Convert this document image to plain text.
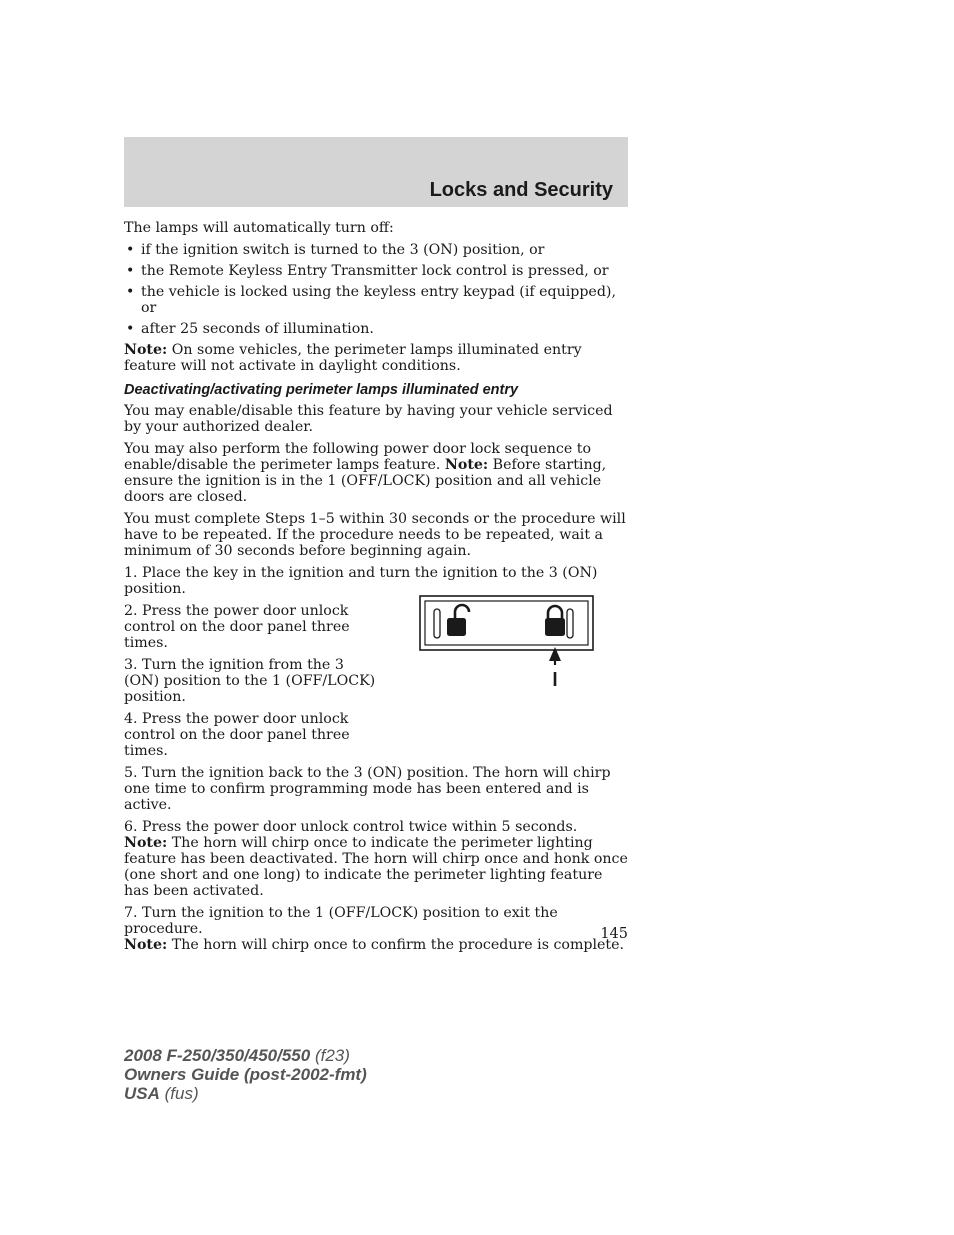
Locks and Security

The lamps will automatically turn off:

• if the ignition switch is turned to the 3 (ON) position, or
• the Remote Keyless Entry Transmitter lock control is pressed, or
• the vehicle is locked using the keyless entry keypad (if equipped), or
• after 25 seconds of illumination.

Note: On some vehicles, the perimeter lamps illuminated entry feature will not activate in daylight conditions.

Deactivating/activating perimeter lamps illuminated entry

You may enable/disable this feature by having your vehicle serviced by your authorized dealer.

You may also perform the following power door lock sequence to enable/disable the perimeter lamps feature. Note: Before starting, ensure the ignition is in the 1 (OFF/LOCK) position and all vehicle doors are closed.

You must complete Steps 1–5 within 30 seconds or the procedure will have to be repeated. If the procedure needs to be repeated, wait a minimum of 30 seconds before beginning again.

1. Place the key in the ignition and turn the ignition to the 3 (ON) position.

2. Press the power door unlock control on the door panel three times.

3. Turn the ignition from the 3 (ON) position to the 1 (OFF/LOCK) position.

4. Press the power door unlock control on the door panel three times.

5. Turn the ignition back to the 3 (ON) position. The horn will chirp one time to confirm programming mode has been entered and is active.

6. Press the power door unlock control twice within 5 seconds.
Note: The horn will chirp once to indicate the perimeter lighting feature has been deactivated. The horn will chirp once and honk once (one short and one long) to indicate the perimeter lighting feature has been activated.

7. Turn the ignition to the 1 (OFF/LOCK) position to exit the procedure.
Note: The horn will chirp once to confirm the procedure is complete.

145
2008 F-250/350/450/550 (f23)
Owners Guide (post-2002-fmt)
USA (fus)
